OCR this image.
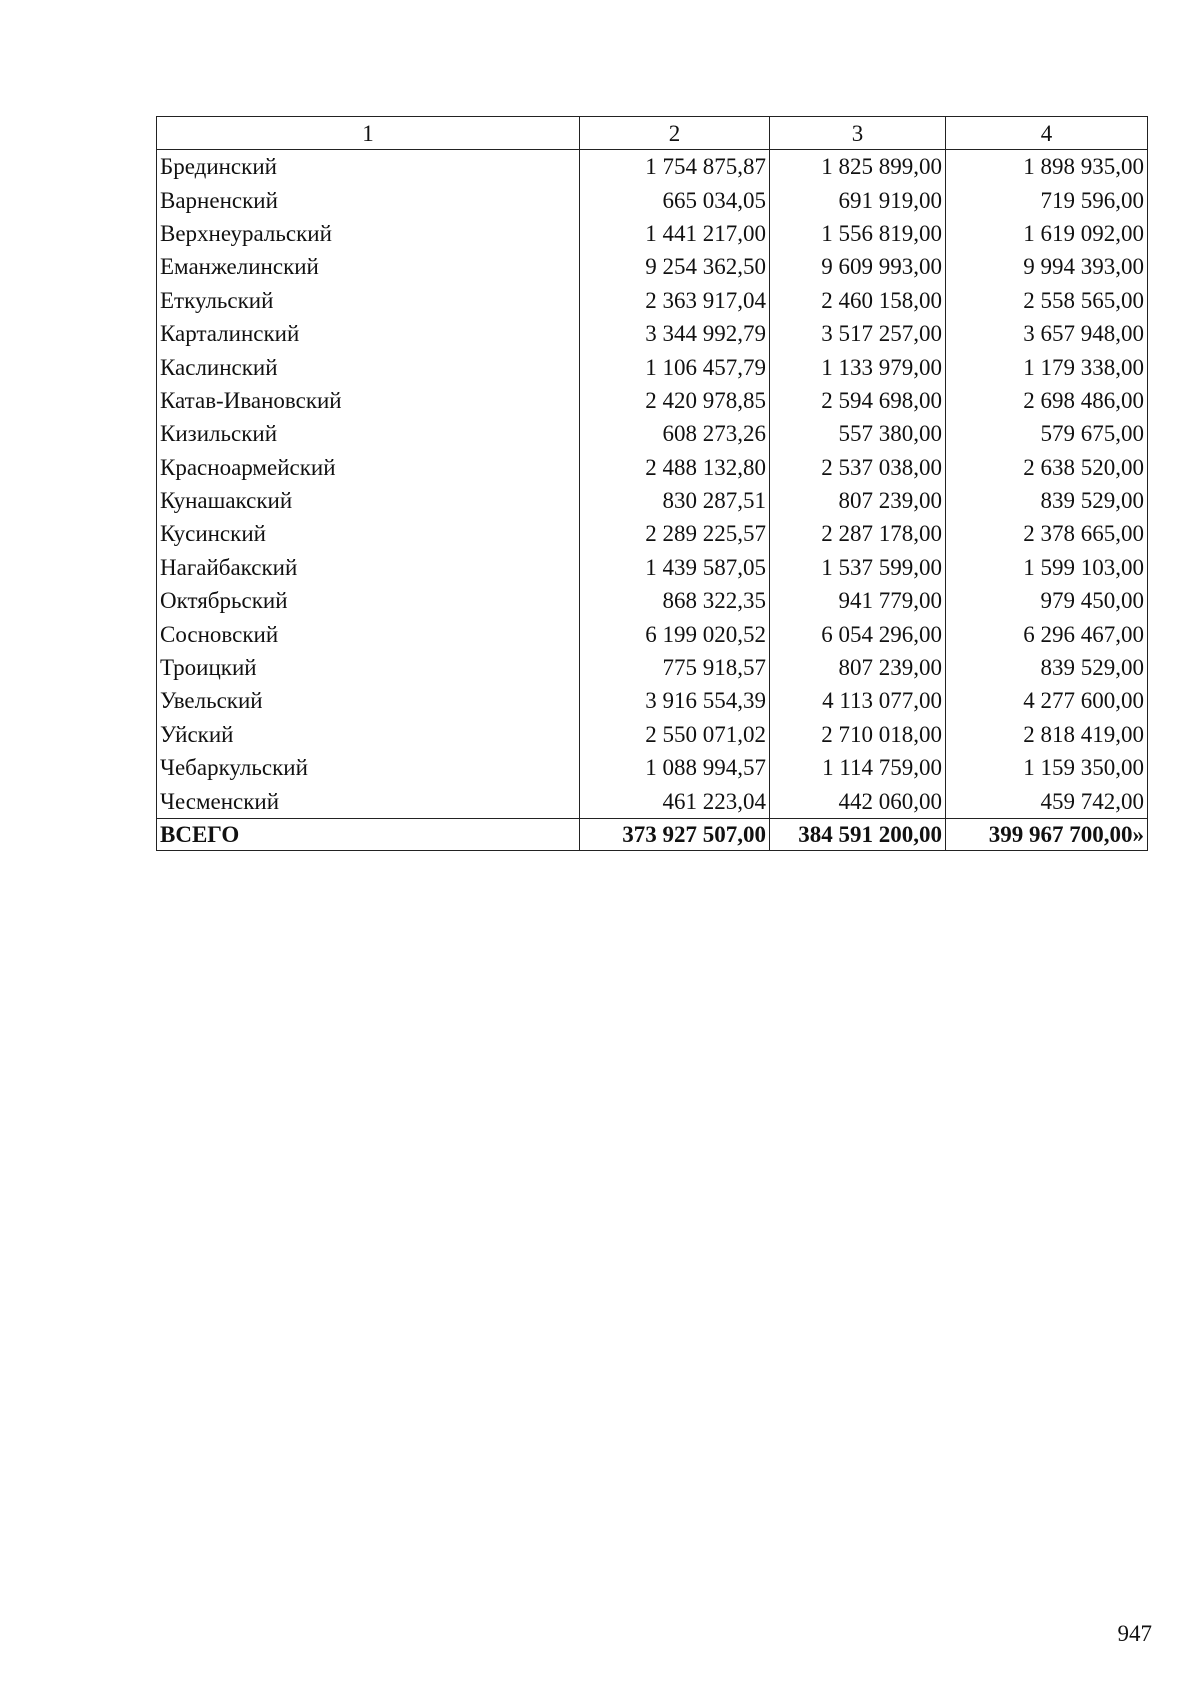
1	2	3	4
Брединский	1 754 875,87	1 825 899,00	1 898 935,00
Варненский	665 034,05	691 919,00	719 596,00
Верхнеуральский	1 441 217,00	1 556 819,00	1 619 092,00
Еманжелинский	9 254 362,50	9 609 993,00	9 994 393,00
Еткульский	2 363 917,04	2 460 158,00	2 558 565,00
Карталинский	3 344 992,79	3 517 257,00	3 657 948,00
Каслинский	1 106 457,79	1 133 979,00	1 179 338,00
Катав-Ивановский	2 420 978,85	2 594 698,00	2 698 486,00
Кизильский	608 273,26	557 380,00	579 675,00
Красноармейский	2 488 132,80	2 537 038,00	2 638 520,00
Кунашакский	830 287,51	807 239,00	839 529,00
Кусинский	2 289 225,57	2 287 178,00	2 378 665,00
Нагайбакский	1 439 587,05	1 537 599,00	1 599 103,00
Октябрьский	868 322,35	941 779,00	979 450,00
Сосновский	6 199 020,52	6 054 296,00	6 296 467,00
Троицкий	775 918,57	807 239,00	839 529,00
Увельский	3 916 554,39	4 113 077,00	4 277 600,00
Уйский	2 550 071,02	2 710 018,00	2 818 419,00
Чебаркульский	1 088 994,57	1 114 759,00	1 159 350,00
Чесменский	461 223,04	442 060,00	459 742,00
ВСЕГО	373 927 507,00	384 591 200,00	399 967 700,00»
947
